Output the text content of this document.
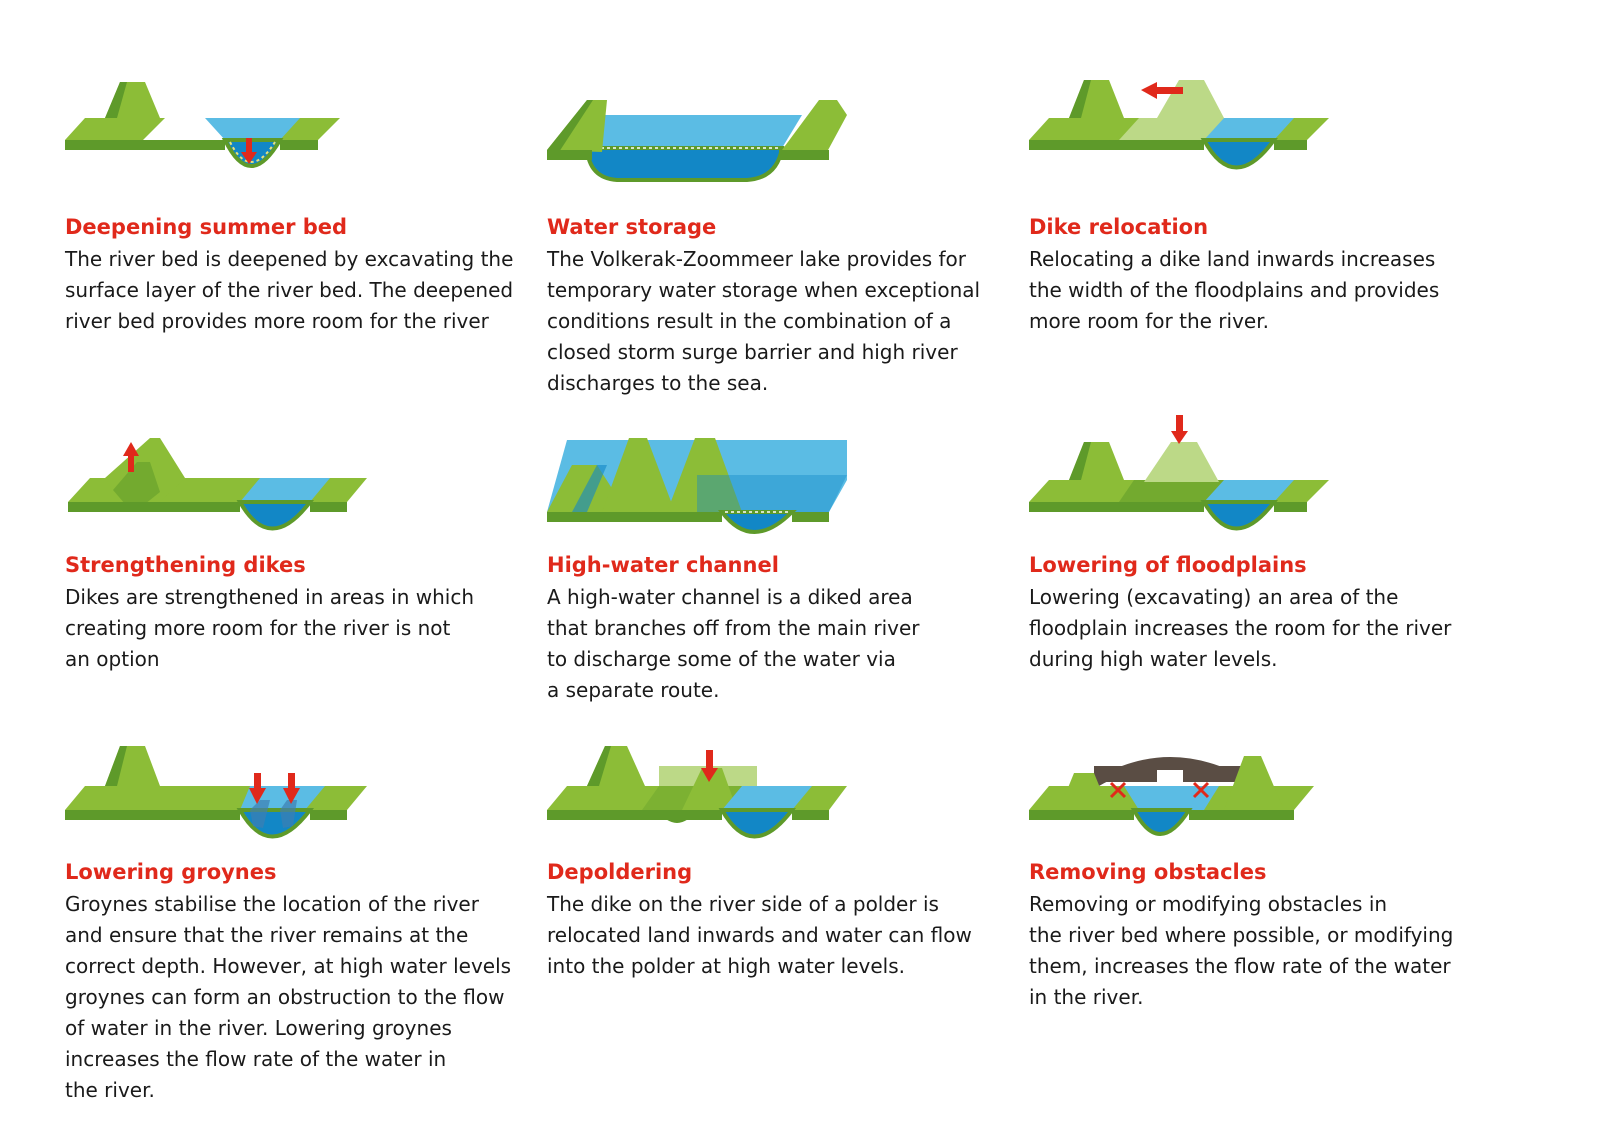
Deepening summer bed

The river bed is deepened by excavating the
surface layer of the river bed. The deepened
river bed provides more room for the river

Water storage

The Volkerak-Zoommeer lake provides for
temporary water storage when exceptional
conditions result in the combination of a
closed storm surge barrier and high river
discharges to the sea.

Dike relocation

Relocating a dike land inwards increases
the width of the floodplains and provides
more room for the river.

Strengthening dikes

Dikes are strengthened in areas in which
creating more room for the river is not
an option

High-water channel

A high-water channel is a diked area
that branches off from the main river
to discharge some of the water via
a separate route.

Lowering of floodplains

Lowering (excavating) an area of the
floodplain increases the room for the river
during high water levels.

Lowering groynes

Groynes stabilise the location of the river
and ensure that the river remains at the
correct depth. However, at high water levels
groynes can form an obstruction to the flow
of water in the river. Lowering groynes
increases the flow rate of the water in
the river.

Depoldering

The dike on the river side of a polder is
relocated land inwards and water can flow
into the polder at high water levels.

Removing obstacles

Removing or modifying obstacles in
the river bed where possible, or modifying
them, increases the flow rate of the water
in the river.
